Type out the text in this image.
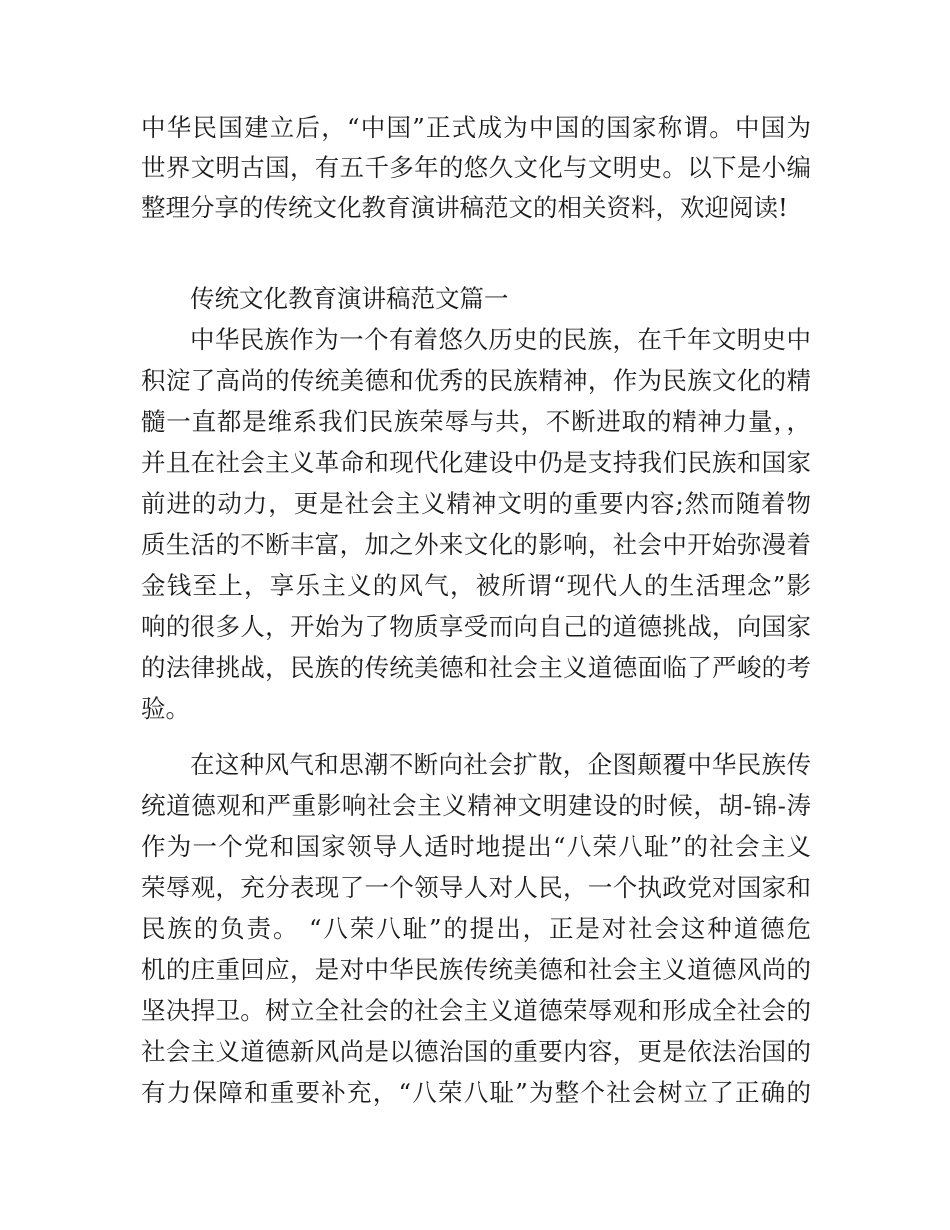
中华民国建立后，“中国”正式成为中国的国家称谓。中国为
世界文明古国，有五千多年的悠久文化与文明史。以下是小编
整理分享的传统文化教育演讲稿范文的相关资料，欢迎阅读!
传统文化教育演讲稿范文篇一
中华民族作为一个有着悠久历史的民族，在千年文明史中
积淀了高尚的传统美德和优秀的民族精神，作为民族文化的精
髓一直都是维系我们民族荣辱与共，不断进取的精神力量，，
并且在社会主义革命和现代化建设中仍是支持我们民族和国家
前进的动力，更是社会主义精神文明的重要内容;然而随着物
质生活的不断丰富，加之外来文化的影响，社会中开始弥漫着
金钱至上，享乐主义的风气，被所谓“现代人的生活理念”影
响的很多人，开始为了物质享受而向自己的道德挑战，向国家
的法律挑战，民族的传统美德和社会主义道德面临了严峻的考
验。
在这种风气和思潮不断向社会扩散，企图颠覆中华民族传
统道德观和严重影响社会主义精神文明建设的时候，胡-锦-涛
作为一个党和国家领导人适时地提出“八荣八耻”的社会主义
荣辱观，充分表现了一个领导人对人民，一个执政党对国家和
民族的负责。 “八荣八耻”的提出，正是对社会这种道德危
机的庄重回应，是对中华民族传统美德和社会主义道德风尚的
坚决捍卫。树立全社会的社会主义道德荣辱观和形成全社会的
社会主义道德新风尚是以德治国的重要内容，更是依法治国的
有力保障和重要补充，“八荣八耻”为整个社会树立了正确的
